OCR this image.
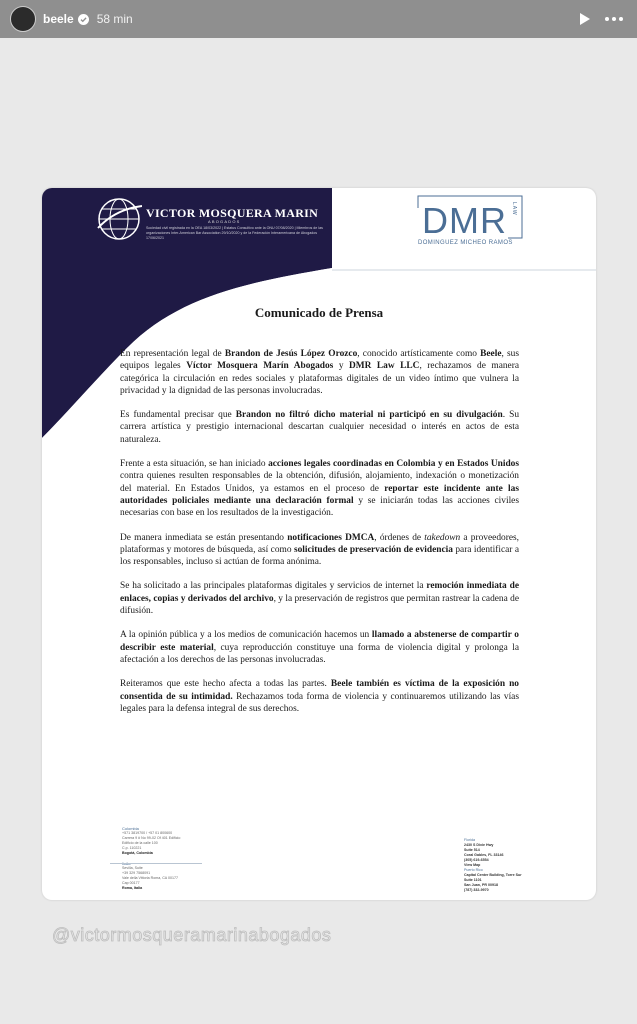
beele 58 min
VICTOR MOSQUERA MARIN
ABOGADOS
Sociedad civil registrada en la OEA 18/03/2022 | Estatus Consultivo ante la ONU 07/08/2020 | Miembros de las organizaciones Inter-American Bar Association 29/10/2020 y de la Federación Interamericana de Abogados 17/06/2021	DMR LAW
DOMINGUEZ MICHEO RAMOS
Comunicado de Prensa

En representación legal de Brandon de Jesús López Orozco, conocido artísticamente como Beele, sus equipos legales Víctor Mosquera Marín Abogados y DMR Law LLC, rechazamos de manera categórica la circulación en redes sociales y plataformas digitales de un video íntimo que vulnera la privacidad y la dignidad de las personas involucradas.

Es fundamental precisar que Brandon no filtró dicho material ni participó en su divulgación. Su carrera artística y prestigio internacional descartan cualquier necesidad o interés en actos de esta naturaleza.

Frente a esta situación, se han iniciado acciones legales coordinadas en Colombia y en Estados Unidos contra quienes resulten responsables de la obtención, difusión, alojamiento, indexación o monetización del material. En Estados Unidos, ya estamos en el proceso de reportar este incidente ante las autoridades policiales mediante una declaración formal y se iniciarán todas las acciones civiles necesarias con base en los resultados de la investigación.

De manera inmediata se están presentando notificaciones DMCA, órdenes de takedown a proveedores, plataformas y motores de búsqueda, así como solicitudes de preservación de evidencia para identificar a los responsables, incluso si actúan de forma anónima.

Se ha solicitado a las principales plataformas digitales y servicios de internet la remoción inmediata de enlaces, copias y derivados del archivo, y la preservación de registros que permitan rastrear la cadena de difusión.

A la opinión pública y a los medios de comunicación hacemos un llamado a abstenerse de compartir o describir este material, cuya reproducción constituye una forma de violencia digital y prolonga la afectación a los derechos de las personas involucradas.

Reiteramos que este hecho afecta a todas las partes. Beele también es víctima de la exposición no consentida de su intimidad. Rechazamos toda forma de violencia y continuaremos utilizando las vías legales para la defensa integral de sus derechos.

Colombia
+571 3819700 / +57 01 800600
Carrera 9 # No 99-02 Of 401 Edificio
Edificio de la calle 100
C.p. 110221
Bogotá, Colombia
Sevilla, Suite
+39 329 7568091
Vale della Vittoria Roma, CA 00177
Cap 00177
Roma, Italia
Florida
2430 S Dixie Hwy
Suite 514
Coral Gables, FL 33146
(305) 619-6554
View Map
Puerto Rico
Capital Center Building, Torre Sur
Suite 1101
San Juan, PR 00918
(787) 332-9970
@victormosqueramarinabogados
